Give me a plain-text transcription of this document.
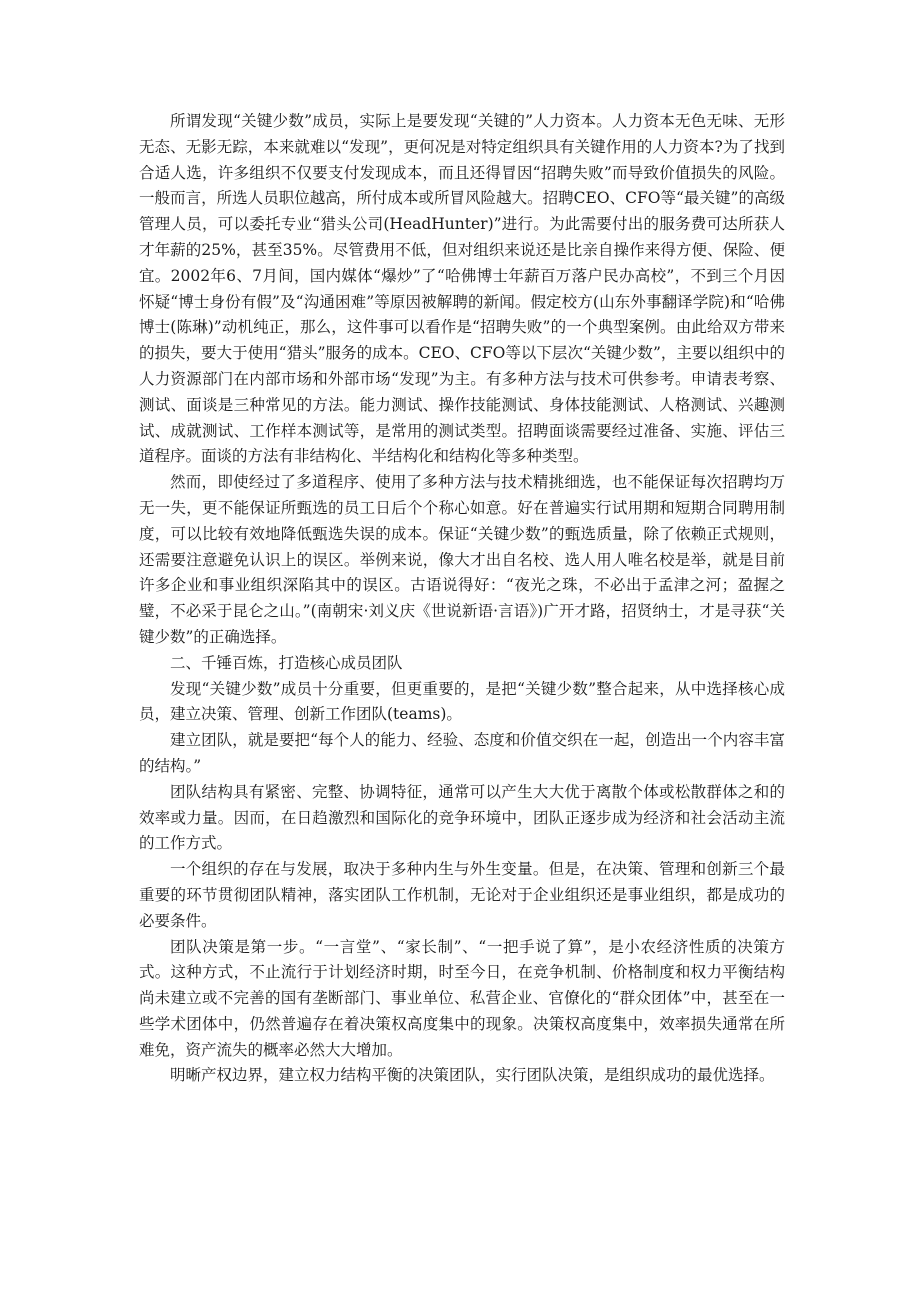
所谓发现“关键少数”成员，实际上是要发现“关键的”人力资本。人力资本无色无味、无形无态、无影无踪，本来就难以“发现”，更何况是对特定组织具有关键作用的人力资本?为了找到合适人选，许多组织不仅要支付发现成本，而且还得冒因“招聘失败”而导致价值损失的风险。一般而言，所选人员职位越高，所付成本或所冒风险越大。招聘CEO、CFO等“最关键”的高级管理人员，可以委托专业“猎头公司(HeadHunter)”进行。为此需要付出的服务费可达所获人才年薪的25%，甚至35%。尽管费用不低，但对组织来说还是比亲自操作来得方便、保险、便宜。2002年6、7月间，国内媒体“爆炒”了“哈佛博士年薪百万落户民办高校”，不到三个月因怀疑“博士身份有假”及“沟通困难”等原因被解聘的新闻。假定校方(山东外事翻译学院)和“哈佛博士(陈琳)”动机纯正，那么，这件事可以看作是“招聘失败”的一个典型案例。由此给双方带来的损失，要大于使用“猎头”服务的成本。CEO、CFO等以下层次“关键少数”，主要以组织中的人力资源部门在内部市场和外部市场“发现”为主。有多种方法与技术可供参考。申请表考察、测试、面谈是三种常见的方法。能力测试、操作技能测试、身体技能测试、人格测试、兴趣测试、成就测试、工作样本测试等，是常用的测试类型。招聘面谈需要经过准备、实施、评估三道程序。面谈的方法有非结构化、半结构化和结构化等多种类型。

然而，即使经过了多道程序、使用了多种方法与技术精挑细选，也不能保证每次招聘均万无一失，更不能保证所甄选的员工日后个个称心如意。好在普遍实行试用期和短期合同聘用制度，可以比较有效地降低甄选失误的成本。保证“关键少数”的甄选质量，除了依赖正式规则，还需要注意避免认识上的误区。举例来说，像大才出自名校、选人用人唯名校是举，就是目前许多企业和事业组织深陷其中的误区。古语说得好：“夜光之珠，不必出于孟津之河；盈握之璧，不必采于昆仑之山。”(南朝宋·刘义庆《世说新语·言语》)广开才路，招贤纳士，才是寻获“关键少数”的正确选择。

二、千锤百炼，打造核心成员团队

发现“关键少数”成员十分重要，但更重要的，是把“关键少数”整合起来，从中选择核心成员，建立决策、管理、创新工作团队(teams)。

建立团队，就是要把“每个人的能力、经验、态度和价值交织在一起，创造出一个内容丰富的结构。”

团队结构具有紧密、完整、协调特征，通常可以产生大大优于离散个体或松散群体之和的效率或力量。因而，在日趋激烈和国际化的竞争环境中，团队正逐步成为经济和社会活动主流的工作方式。

一个组织的存在与发展，取决于多种内生与外生变量。但是，在决策、管理和创新三个最重要的环节贯彻团队精神，落实团队工作机制，无论对于企业组织还是事业组织，都是成功的必要条件。

团队决策是第一步。“一言堂”、“家长制”、“一把手说了算”，是小农经济性质的决策方式。这种方式，不止流行于计划经济时期，时至今日，在竞争机制、价格制度和权力平衡结构尚未建立或不完善的国有垄断部门、事业单位、私营企业、官僚化的“群众团体”中，甚至在一些学术团体中，仍然普遍存在着决策权高度集中的现象。决策权高度集中，效率损失通常在所难免，资产流失的概率必然大大增加。

明晰产权边界，建立权力结构平衡的决策团队，实行团队决策，是组织成功的最优选择。
